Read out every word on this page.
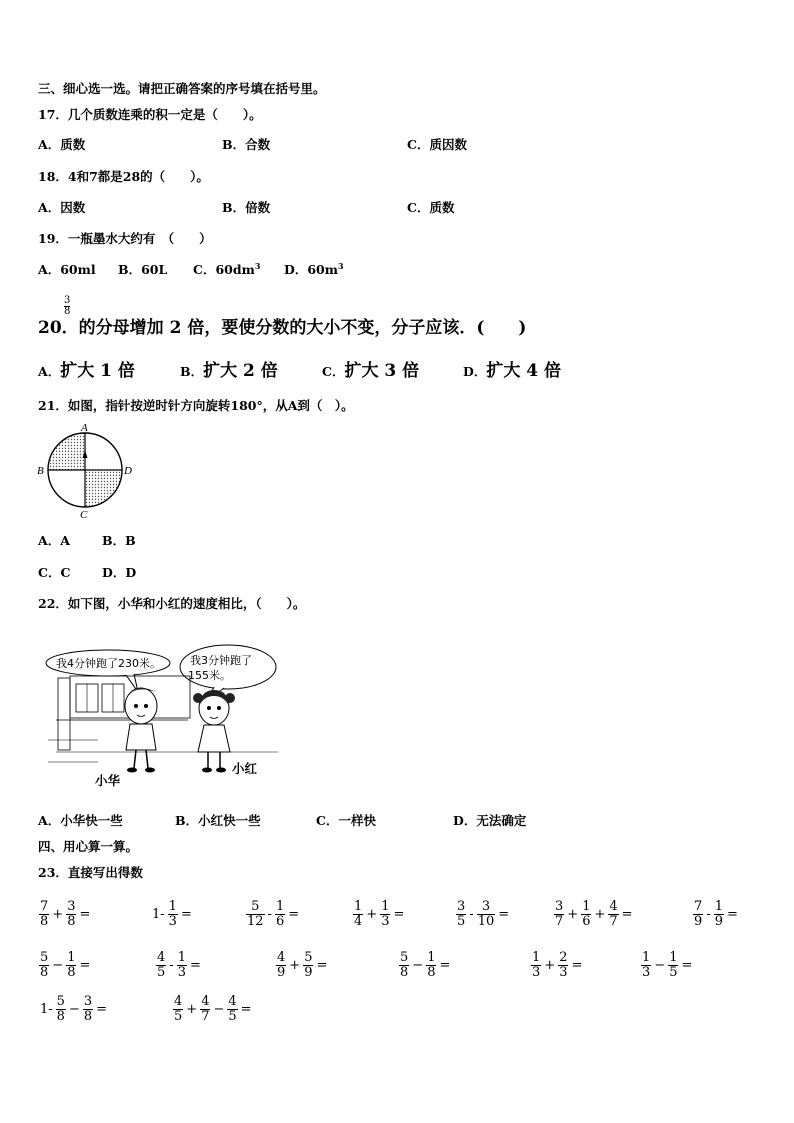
三、细心选一选。请把正确答案的序号填在括号里。
17．几个质数连乘的积一定是（　　）。
A．质数	B．合数	C．质因数
18．4和7都是28的（　　）。
A．因数	B．倍数	C．质数
19．一瓶墨水大约有　（　　）
A．60ml B．60L C．$60dm^3$ D．$60m^3$
$\frac{3}{8}$
20．的分母增加 2 倍，要使分数的大小不变，分子应该．(　　)
A．扩大 1 倍	B．扩大 2 倍	C．扩大 3 倍	D．扩大 4 倍
21．如图，指针按逆时针方向旋转180°，从A到（　）。
A
B	D
C
A．A	B．B
C．C	D．D
22．如下图，小华和小红的速度相比，（　　）。
我4分钟跑了230米。	我3分钟跑了
155米。
小华
小红
A．小华快一些	B．小红快一些	C．一样快	D．无法确定
四、用心算一算。
23．直接写出得数
$\frac{7}{8} + \frac{3}{8}$ =	$1- \frac{1}{3}$ =	$\frac{5}{12} - \frac{1}{6}$ =	$\frac{1}{4} + \frac{1}{3}$ =	$\frac{3}{5} - \frac{3}{10}$ =	$\frac{3}{7} + \frac{1}{6} + \frac{4}{7}$ =	$\frac{7}{9} - \frac{1}{9}$ =
$\frac{5}{8} - \frac{1}{8}$ =	$\frac{4}{5} - \frac{1}{3}$ =	$\frac{4}{9} + \frac{5}{9}$ =	$\frac{5}{8} - \frac{1}{8}$ =	$\frac{1}{3} + \frac{2}{3}$ =	$\frac{1}{3} - \frac{1}{5}$ =
$1- \frac{5}{8} - \frac{3}{8}$ =	$\frac{4}{5} + \frac{4}{7} - \frac{4}{5}$ =
